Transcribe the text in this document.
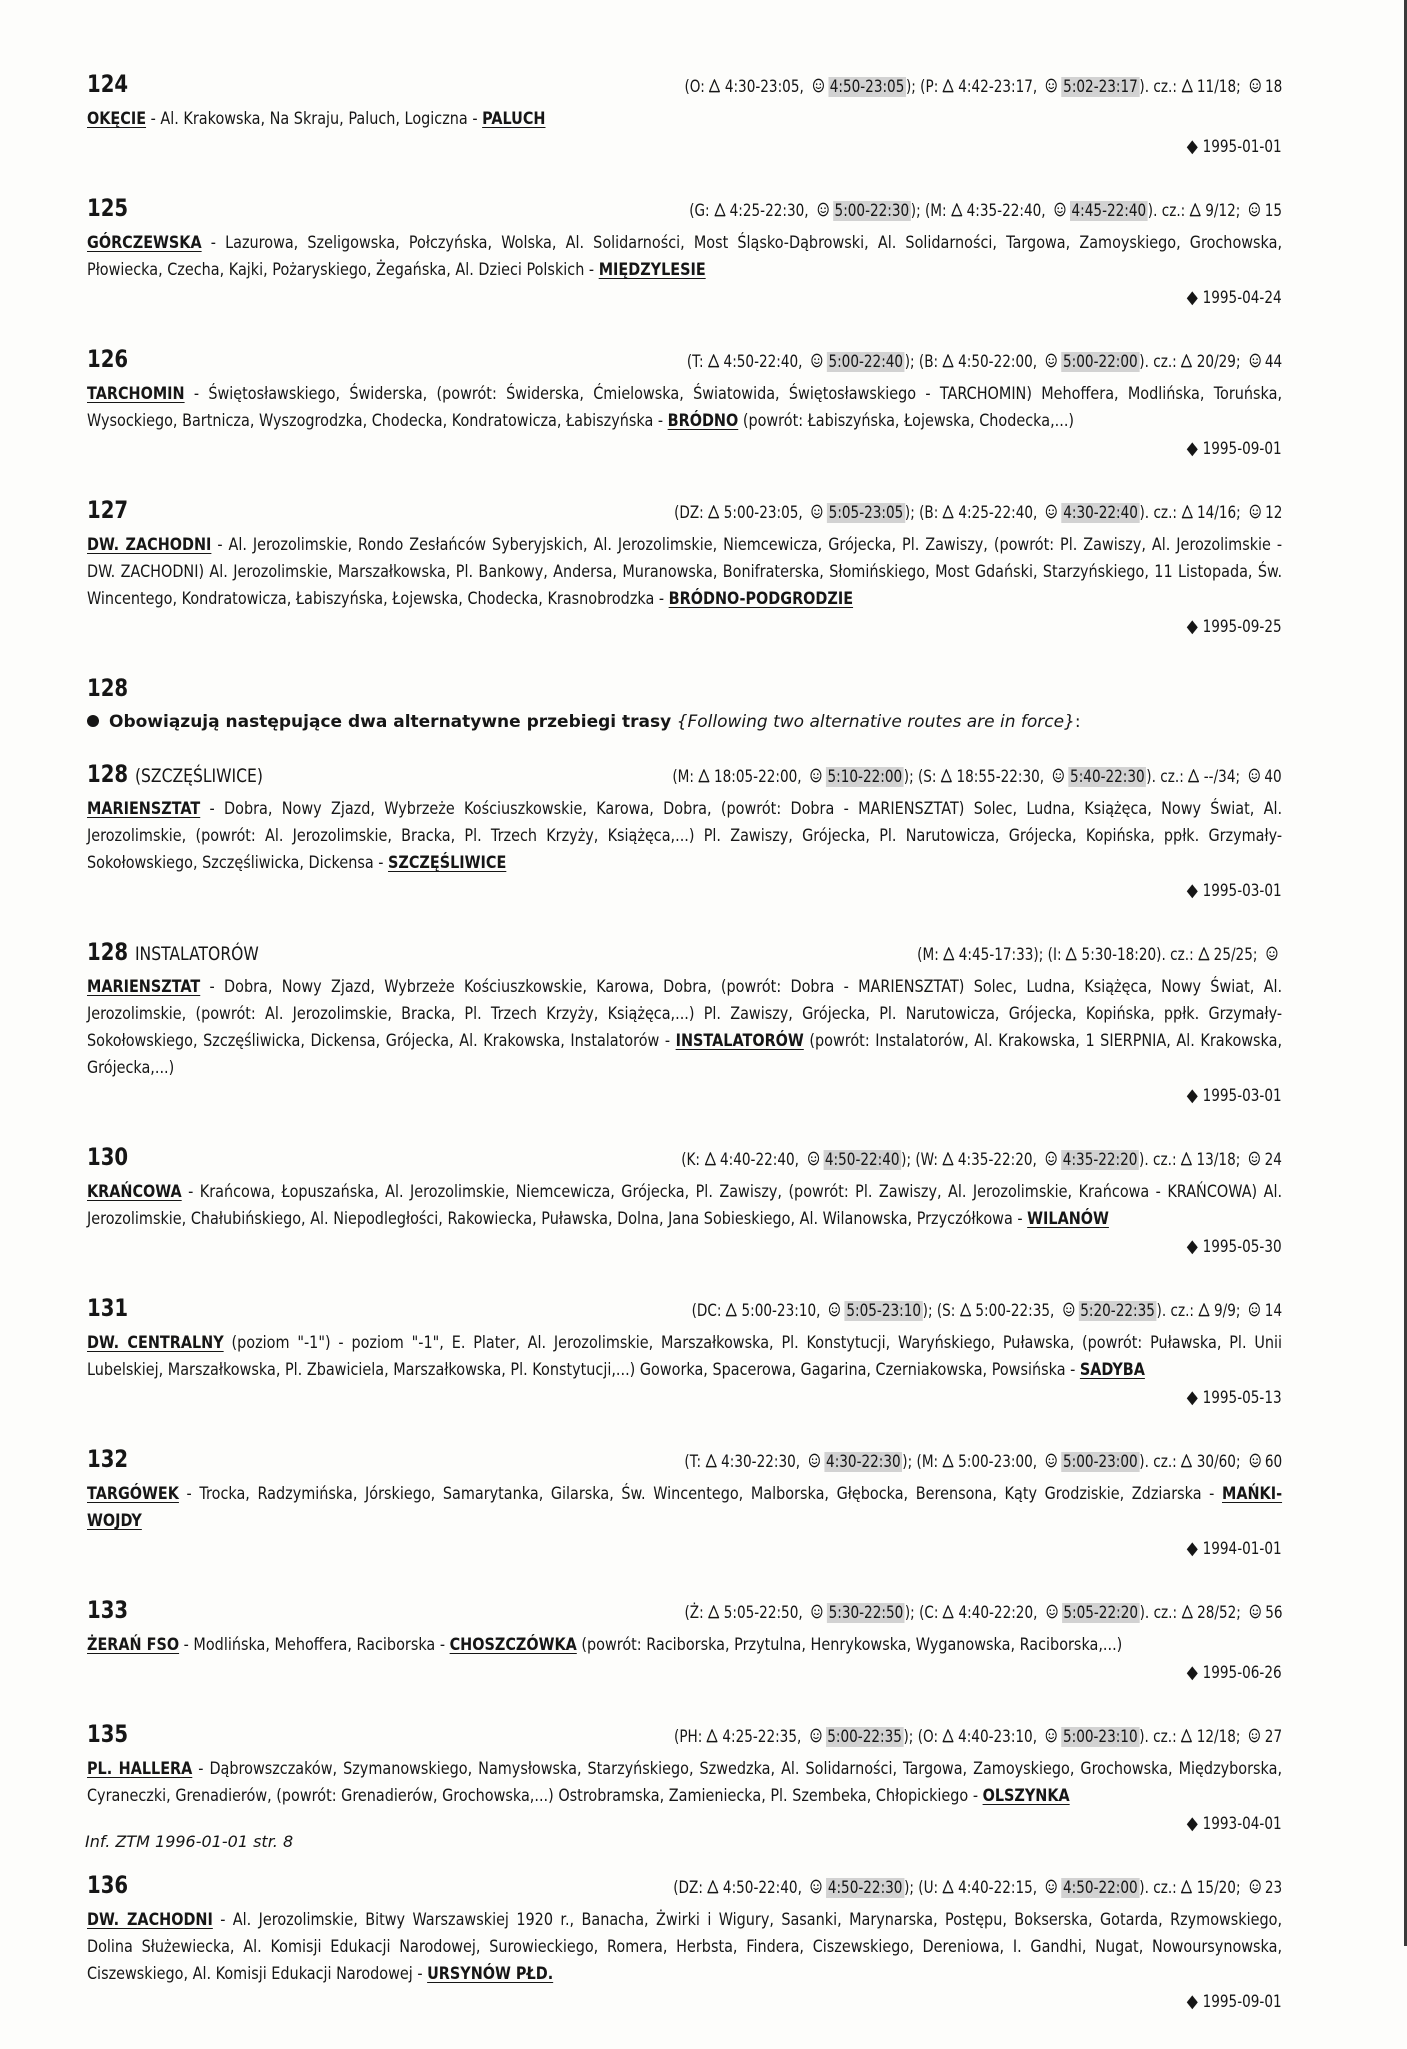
124	(O: 4:30-23:05, 4:50-23:05); (P: 4:42-23:17, 5:02-23:17). cz.: 11/18; 18
OKĘCIE - Al. Krakowska, Na Skraju, Paluch, Logiczna - PALUCH
◆ 1995-01-01
125	(G: 4:25-22:30, 5:00-22:30); (M: 4:35-22:40, 4:45-22:40). cz.: 9/12; 15
GÓRCZEWSKA - Lazurowa, Szeligowska, Połczyńska, Wolska, Al. Solidarności, Most Śląsko-Dąbrowski, Al. Solidarności, Targowa, Zamoyskiego, Grochowska, Płowiecka, Czecha, Kajki, Pożaryskiego, Żegańska, Al. Dzieci Polskich - MIĘDZYLESIE
◆ 1995-04-24
126	(T: 4:50-22:40, 5:00-22:40); (B: 4:50-22:00, 5:00-22:00). cz.: 20/29; 44
TARCHOMIN - Świętosławskiego, Świderska, (powrót: Świderska, Ćmielowska, Światowida, Świętosławskiego - TARCHOMIN) Mehoffera, Modlińska, Toruńska, Wysockiego, Bartnicza, Wyszogrodzka, Chodecka, Kondratowicza, Łabiszyńska - BRÓDNO (powrót: Łabiszyńska, Łojewska, Chodecka,...)
◆ 1995-09-01
127	(DZ: 5:00-23:05, 5:05-23:05); (B: 4:25-22:40, 4:30-22:40). cz.: 14/16; 12
DW. ZACHODNI - Al. Jerozolimskie, Rondo Zesłańców Syberyjskich, Al. Jerozolimskie, Niemcewicza, Grójecka, Pl. Zawiszy, (powrót: Pl. Zawiszy, Al. Jerozolimskie - DW. ZACHODNI) Al. Jerozolimskie, Marszałkowska, Pl. Bankowy, Andersa, Muranowska, Bonifraterska, Słomińskiego, Most Gdański, Starzyńskiego, 11 Listopada, Św. Wincentego, Kondratowicza, Łabiszyńska, Łojewska, Chodecka, Krasnobrodzka - BRÓDNO-PODGRODZIE
◆ 1995-09-25
128
Obowiązują następujące dwa alternatywne przebiegi trasy {Following two alternative routes are in force}:
128 (SZCZĘŚLIWICE)	(M: 18:05-22:00, 5:10-22:00); (S: 18:55-22:30, 5:40-22:30). cz.: --/34; 40
MARIENSZTAT - Dobra, Nowy Zjazd, Wybrzeże Kościuszkowskie, Karowa, Dobra, (powrót: Dobra - MARIENSZTAT) Solec, Ludna, Książęca, Nowy Świat, Al. Jerozolimskie, (powrót: Al. Jerozolimskie, Bracka, Pl. Trzech Krzyży, Książęca,...) Pl. Zawiszy, Grójecka, Pl. Narutowicza, Grójecka, Kopińska, ppłk. Grzymały-Sokołowskiego, Szczęśliwicka, Dickensa - SZCZĘŚLIWICE
◆ 1995-03-01
128 INSTALATORÓW	(M: 4:45-17:33); (I: 5:30-18:20). cz.: 25/25;
MARIENSZTAT - Dobra, Nowy Zjazd, Wybrzeże Kościuszkowskie, Karowa, Dobra, (powrót: Dobra - MARIENSZTAT) Solec, Ludna, Książęca, Nowy Świat, Al. Jerozolimskie, (powrót: Al. Jerozolimskie, Bracka, Pl. Trzech Krzyży, Książęca,...) Pl. Zawiszy, Grójecka, Pl. Narutowicza, Grójecka, Kopińska, ppłk. Grzymały-Sokołowskiego, Szczęśliwicka, Dickensa, Grójecka, Al. Krakowska, Instalatorów - INSTALATORÓW (powrót: Instalatorów, Al. Krakowska, 1 SIERPNIA, Al. Krakowska, Grójecka,...)
◆ 1995-03-01
130	(K: 4:40-22:40, 4:50-22:40); (W: 4:35-22:20, 4:35-22:20). cz.: 13/18; 24
KRAŃCOWA - Krańcowa, Łopuszańska, Al. Jerozolimskie, Niemcewicza, Grójecka, Pl. Zawiszy, (powrót: Pl. Zawiszy, Al. Jerozolimskie, Krańcowa - KRAŃCOWA) Al. Jerozolimskie, Chałubińskiego, Al. Niepodległości, Rakowiecka, Puławska, Dolna, Jana Sobieskiego, Al. Wilanowska, Przyczółkowa - WILANÓW
◆ 1995-05-30
131	(DC: 5:00-23:10, 5:05-23:10); (S: 5:00-22:35, 5:20-22:35). cz.: 9/9; 14
DW. CENTRALNY (poziom "-1") - poziom "-1", E. Plater, Al. Jerozolimskie, Marszałkowska, Pl. Konstytucji, Waryńskiego, Puławska, (powrót: Puławska, Pl. Unii Lubelskiej, Marszałkowska, Pl. Zbawiciela, Marszałkowska, Pl. Konstytucji,...) Goworka, Spacerowa, Gagarina, Czerniakowska, Powsińska - SADYBA
◆ 1995-05-13
132	(T: 4:30-22:30, 4:30-22:30); (M: 5:00-23:00, 5:00-23:00). cz.: 30/60; 60
TARGÓWEK - Trocka, Radzymińska, Jórskiego, Samarytanka, Gilarska, Św. Wincentego, Malborska, Głębocka, Berensona, Kąty Grodziskie, Zdziarska - MAŃKI-WOJDY
◆ 1994-01-01
133	(Ż: 5:05-22:50, 5:30-22:50); (C: 4:40-22:20, 5:05-22:20). cz.: 28/52; 56
ŻERAŃ FSO - Modlińska, Mehoffera, Raciborska - CHOSZCZÓWKA (powrót: Raciborska, Przytulna, Henrykowska, Wyganowska, Raciborska,...)
◆ 1995-06-26
135	(PH: 4:25-22:35, 5:00-22:35); (O: 4:40-23:10, 5:00-23:10). cz.: 12/18; 27
PL. HALLERA - Dąbrowszczaków, Szymanowskiego, Namysłowska, Starzyńskiego, Szwedzka, Al. Solidarności, Targowa, Zamoyskiego, Grochowska, Międzyborska, Cyraneczki, Grenadierów, (powrót: Grenadierów, Grochowska,...) Ostrobramska, Zamieniecka, Pl. Szembeka, Chłopickiego - OLSZYNKA
◆ 1993-04-01
136	(DZ: 4:50-22:40, 4:50-22:30); (U: 4:40-22:15, 4:50-22:00). cz.: 15/20; 23
DW. ZACHODNI - Al. Jerozolimskie, Bitwy Warszawskiej 1920 r., Banacha, Żwirki i Wigury, Sasanki, Marynarska, Postępu, Bokserska, Gotarda, Rzymowskiego, Dolina Służewiecka, Al. Komisji Edukacji Narodowej, Surowieckiego, Romera, Herbsta, Findera, Ciszewskiego, Dereniowa, I. Gandhi, Nugat, Nowoursynowska, Ciszewskiego, Al. Komisji Edukacji Narodowej - URSYNÓW PŁD.
◆ 1995-09-01
Inf. ZTM 1996-01-01 str. 8
